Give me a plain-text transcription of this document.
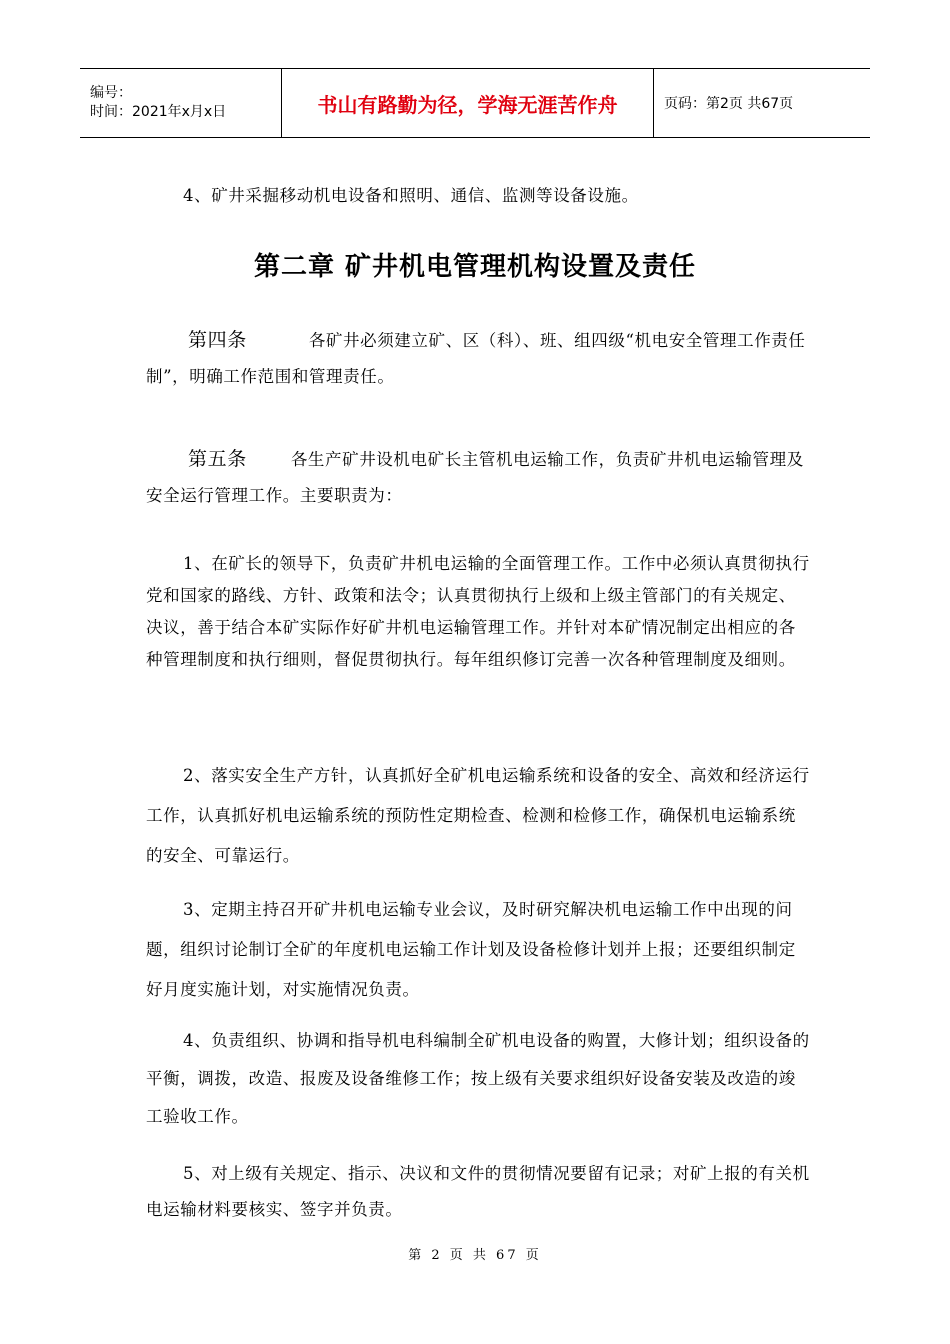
编号：
时间：2021年x月x日	书山有路勤为径，学海无涯苦作舟	页码：第2页 共67页

4、矿井采掘移动机电设备和照明、通信、监测等设备设施。

第二章 矿井机电管理机构设置及责任

第四条	各矿井必须建立矿、区（科）、班、组四级“机电安全管理工作责任制”，明确工作范围和管理责任。

第五条	各生产矿井设机电矿长主管机电运输工作，负责矿井机电运输管理及安全运行管理工作。主要职责为：

1、在矿长的领导下，负责矿井机电运输的全面管理工作。工作中必须认真贯彻执行党和国家的路线、方针、政策和法令；认真贯彻执行上级和上级主管部门的有关规定、决议，善于结合本矿实际作好矿井机电运输管理工作。并针对本矿情况制定出相应的各种管理制度和执行细则，督促贯彻执行。每年组织修订完善一次各种管理制度及细则。

2、落实安全生产方针，认真抓好全矿机电运输系统和设备的安全、高效和经济运行工作，认真抓好机电运输系统的预防性定期检查、检测和检修工作，确保机电运输系统的安全、可靠运行。

3、定期主持召开矿井机电运输专业会议，及时研究解决机电运输工作中出现的问题，组织讨论制订全矿的年度机电运输工作计划及设备检修计划并上报；还要组织制定好月度实施计划，对实施情况负责。

4、负责组织、协调和指导机电科编制全矿机电设备的购置，大修计划；组织设备的平衡，调拨，改造、报废及设备维修工作；按上级有关要求组织好设备安装及改造的竣工验收工作。

5、对上级有关规定、指示、决议和文件的贯彻情况要留有记录；对矿上报的有关机电运输材料要核实、签字并负责。

第 2 页 共 67 页
